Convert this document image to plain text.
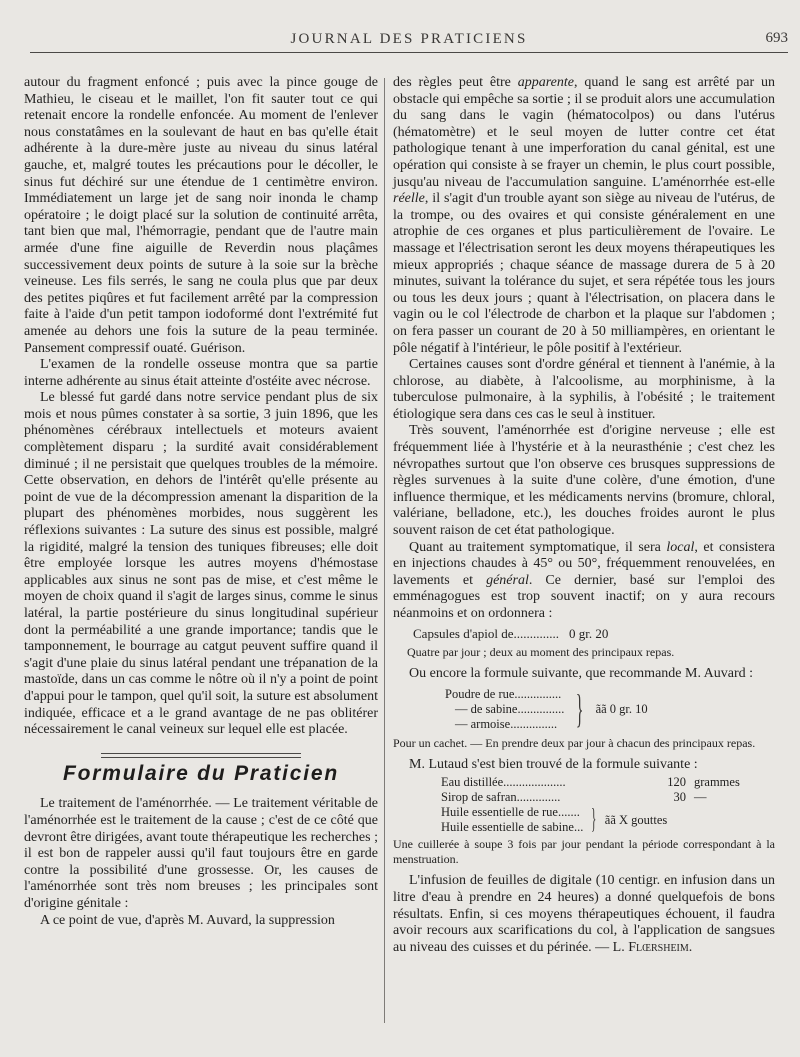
JOURNAL DES PRATICIENS	693

autour du fragment enfoncé ; puis avec la pince gouge de Mathieu, le ciseau et le maillet, l'on fit sauter tout ce qui retenait encore la rondelle enfoncée. Au moment de l'enlever nous constatâmes en la soulevant de haut en bas qu'elle était adhérente à la dure-mère juste au niveau du sinus latéral gauche, et, malgré toutes les précautions pour le décoller, le sinus fut déchiré sur une étendue de 1 centimètre environ. Immédiatement un large jet de sang noir inonda le champ opératoire ; le doigt placé sur la solution de continuité arrêta, tant bien que mal, l'hémorragie, pendant que de l'autre main armée d'une fine aiguille de Reverdin nous plaçâmes successivement deux points de suture à la soie sur la brèche veineuse. Les fils serrés, le sang ne coula plus que par deux des petites piqûres et fut facilement arrêté par la compression faite à l'aide d'un petit tampon iodoformé dont l'extrémité fut amenée au dehors une fois la suture de la peau terminée. Pansement compressif ouaté. Guérison.

L'examen de la rondelle osseuse montra que sa partie interne adhérente au sinus était atteinte d'ostéite avec nécrose.

Le blessé fut gardé dans notre service pendant plus de six mois et nous pûmes constater à sa sortie, 3 juin 1896, que les phénomènes cérébraux intellectuels et moteurs avaient complètement disparu ; la surdité avait considérablement diminué ; il ne persistait que quelques troubles de la mémoire. Cette observation, en dehors de l'intérêt qu'elle présente au point de vue de la décompression amenant la disparition de la plupart des phénomènes morbides, nous suggèrent les réflexions suivantes : La suture des sinus est possible, malgré la rigidité, malgré la tension des tuniques fibreuses; elle doit être employée lorsque les autres moyens d'hémostase applicables aux sinus ne sont pas de mise, et c'est même le moyen de choix quand il s'agit de larges sinus, comme le sinus latéral, la partie postérieure du sinus longitudinal supérieur dont la perméabilité a une grande importance; tandis que le tamponnement, le bourrage au catgut peuvent suffire quand il s'agit d'une plaie du sinus latéral pendant une trépanation de la mastoïde, dans un cas comme le nôtre où il n'y a point de point d'appui pour le tampon, quel qu'il soit, la suture est absolument indiquée, efficace et a le grand avantage de ne pas oblitérer nécessairement le canal veineux sur lequel elle est placée.

Formulaire du Praticien

Le traitement de l'aménorrhée. — Le traitement véritable de l'aménorrhée est le traitement de la cause ; c'est de ce côté que devront être dirigées, avant toute thérapeutique les recherches ; il est bon de rappeler aussi qu'il faut toujours être en garde contre la possibilité d'une grossesse. Or, les causes de l'aménorrhée sont très nom breuses ; les principales sont d'origine génitale :

A ce point de vue, d'après M. Auvard, la suppression

des règles peut être apparente, quand le sang est arrêté par un obstacle qui empêche sa sortie ; il se produit alors une accumulation du sang dans le vagin (hématocolpos) ou dans l'utérus (hématomètre) et le seul moyen de lutter contre cet état pathologique tenant à une imperforation du canal génital, est une opération qui consiste à se frayer un chemin, le plus court possible, jusqu'au niveau de l'accumulation sanguine. L'aménorrhée est-elle réelle, il s'agit d'un trouble ayant son siège au niveau de l'utérus, de la trompe, ou des ovaires et qui consiste généralement en une atrophie de ces organes et plus particulièrement de l'ovaire. Le massage et l'électrisation seront les deux moyens thérapeutiques les mieux appropriés ; chaque séance de massage durera de 5 à 20 minutes, suivant la tolérance du sujet, et sera répétée tous les jours ou tous les deux jours ; quant à l'électrisation, on placera dans le vagin ou le col l'électrode de charbon et la plaque sur l'abdomen ; on fera passer un courant de 20 à 50 milliampères, en orientant le pôle négatif à l'intérieur, le pôle positif à l'extérieur.

Certaines causes sont d'ordre général et tiennent à l'anémie, à la chlorose, au diabète, à l'alcoolisme, au morphinisme, à la tuberculose pulmonaire, à la syphilis, à l'obésité ; le traitement étiologique sera dans ces cas le seul à instituer.

Très souvent, l'aménorrhée est d'origine nerveuse ; elle est fréquemment liée à l'hystérie et à la neurasthénie ; c'est chez les névropathes surtout que l'on observe ces brusques suppressions de règles survenues à la suite d'une colère, d'une émotion, d'une influence thermique, et les médicaments nervins (bromure, chloral, valériane, belladone, etc.), les douches froides auront le plus souvent raison de cet état pathologique.

Quant au traitement symptomatique, il sera local, et consistera en injections chaudes à 45° ou 50°, fréquemment renouvelées, en lavements et général. Ce dernier, basé sur l'emploi des emménagogues est trop souvent inactif; on y aura recours néanmoins et on ordonnera :

Capsules d'apiol de.............. 0 gr. 20
Quatre par jour ; deux au moment des principaux repas.

Ou encore la formule suivante, que recommande M. Auvard :

Poudre de rue...............
— de sabine...............
— armoise............... } ãã 0 gr. 10
Pour un cachet. — En prendre deux par jour à chacun des principaux repas.

M. Lutaud s'est bien trouvé de la formule suivante :

Eau distillée....................	120 grammes
Sirop de safran..............	30 —
Huile essentielle de rue.......
Huile essentielle de sabine... } ãã X gouttes
Une cuillerée à soupe 3 fois par jour pendant la période correspondant à la menstruation.

L'infusion de feuilles de digitale (10 centigr. en infusion dans un litre d'eau à prendre en 24 heures) a donné quelquefois de bons résultats. Enfin, si ces moyens thérapeutiques échouent, il faudra avoir recours aux scarifications du col, à l'application de sangsues au niveau des cuisses et du périnée. — L. Flœrsheim.
